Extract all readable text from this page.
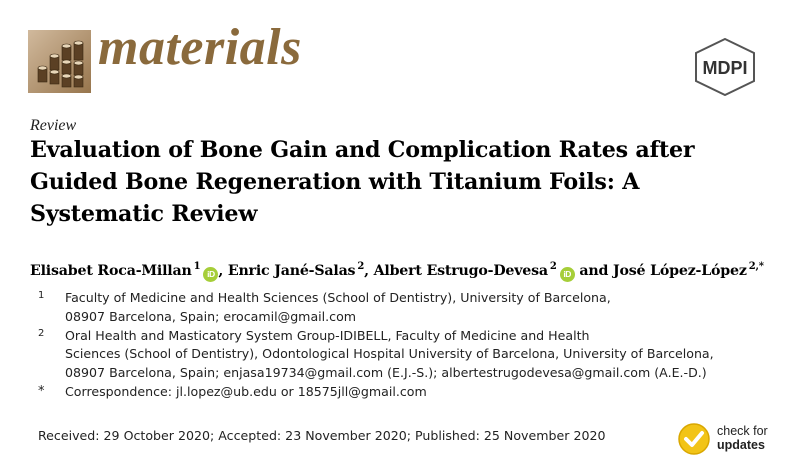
materials	MDPI
Review
Evaluation of Bone Gain and Complication Rates after Guided Bone Regeneration with Titanium Foils: A Systematic Review
Elisabet Roca-Millan $^1$iD , Enric Jané-Salas $^2$, Albert Estrugo-Devesa $^2$iD and José López-López $^{2,*}$
1 Faculty of Medicine and Health Sciences (School of Dentistry), University of Barcelona,
08907 Barcelona, Spain; erocamil@gmail.com
2 Oral Health and Masticatory System Group-IDIBELL, Faculty of Medicine and Health
Sciences (School of Dentistry), Odontological Hospital University of Barcelona, University of Barcelona,
08907 Barcelona, Spain; enjasa19734@gmail.com (E.J.-S.); albertestrugodevesa@gmail.com (A.E.-D.)
* Correspondence: jl.lopez@ub.edu or 18575jll@gmail.com
Received: 29 October 2020; Accepted: 23 November 2020; Published: 25 November 2020	check for
updates
